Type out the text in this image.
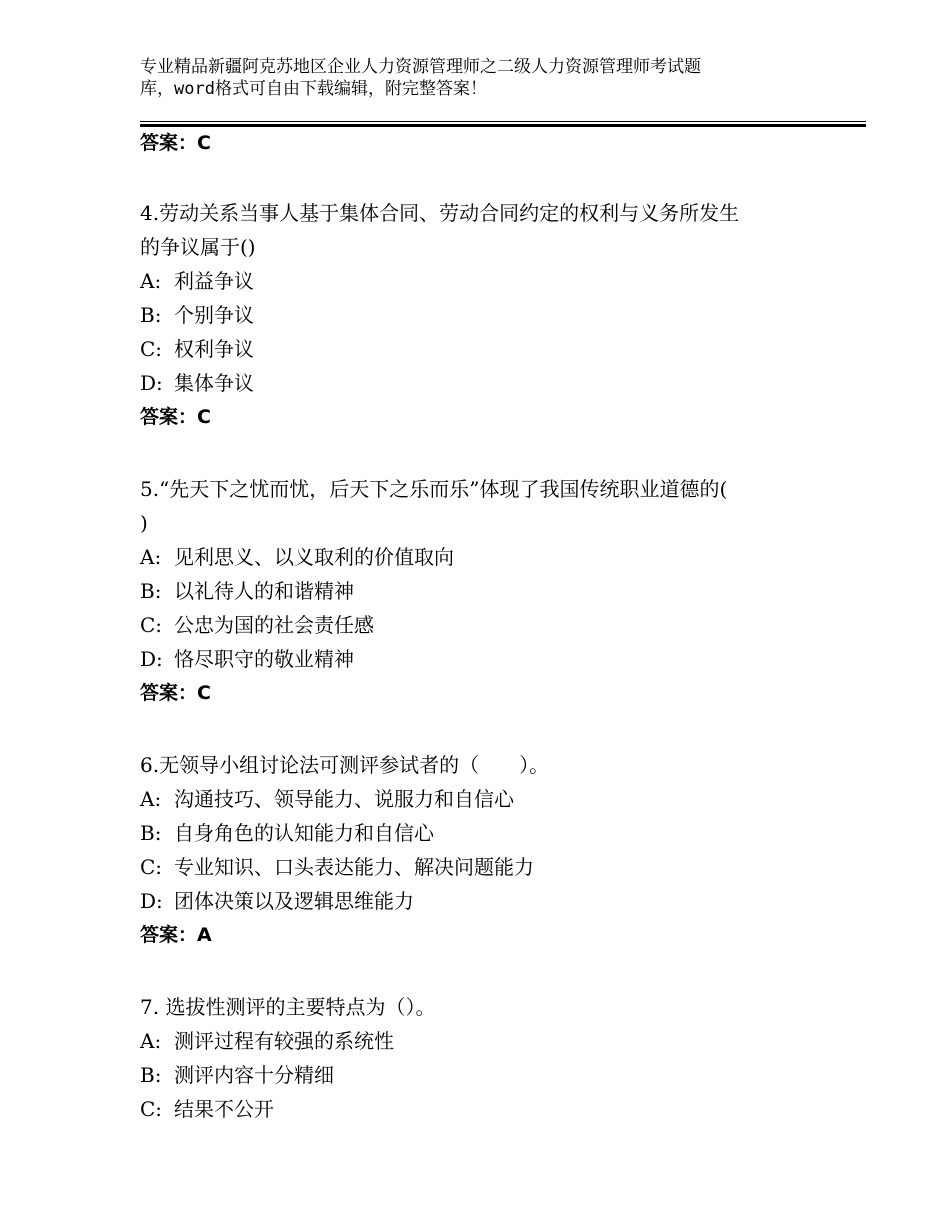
专业精品新疆阿克苏地区企业人力资源管理师之二级人力资源管理师考试题
库，word格式可自由下载编辑，附完整答案！
答案：C
4.劳动关系当事人基于集体合同、劳动合同约定的权利与义务所发生
的争议属于()
A: 利益争议
B: 个别争议
C: 权利争议
D: 集体争议
答案：C
5.“先天下之忧而忧，后天下之乐而乐”体现了我国传统职业道德的(
)
A: 见利思义、以义取利的价值取向
B: 以礼待人的和谐精神
C: 公忠为国的社会责任感
D: 恪尽职守的敬业精神
答案：C
6.无领导小组讨论法可测评参试者的（　　）。
A: 沟通技巧、领导能力、说服力和自信心
B: 自身角色的认知能力和自信心
C: 专业知识、口头表达能力、解决问题能力
D: 团体决策以及逻辑思维能力
答案：A
7. 选拔性测评的主要特点为（）。
A: 测评过程有较强的系统性
B: 测评内容十分精细
C: 结果不公开
